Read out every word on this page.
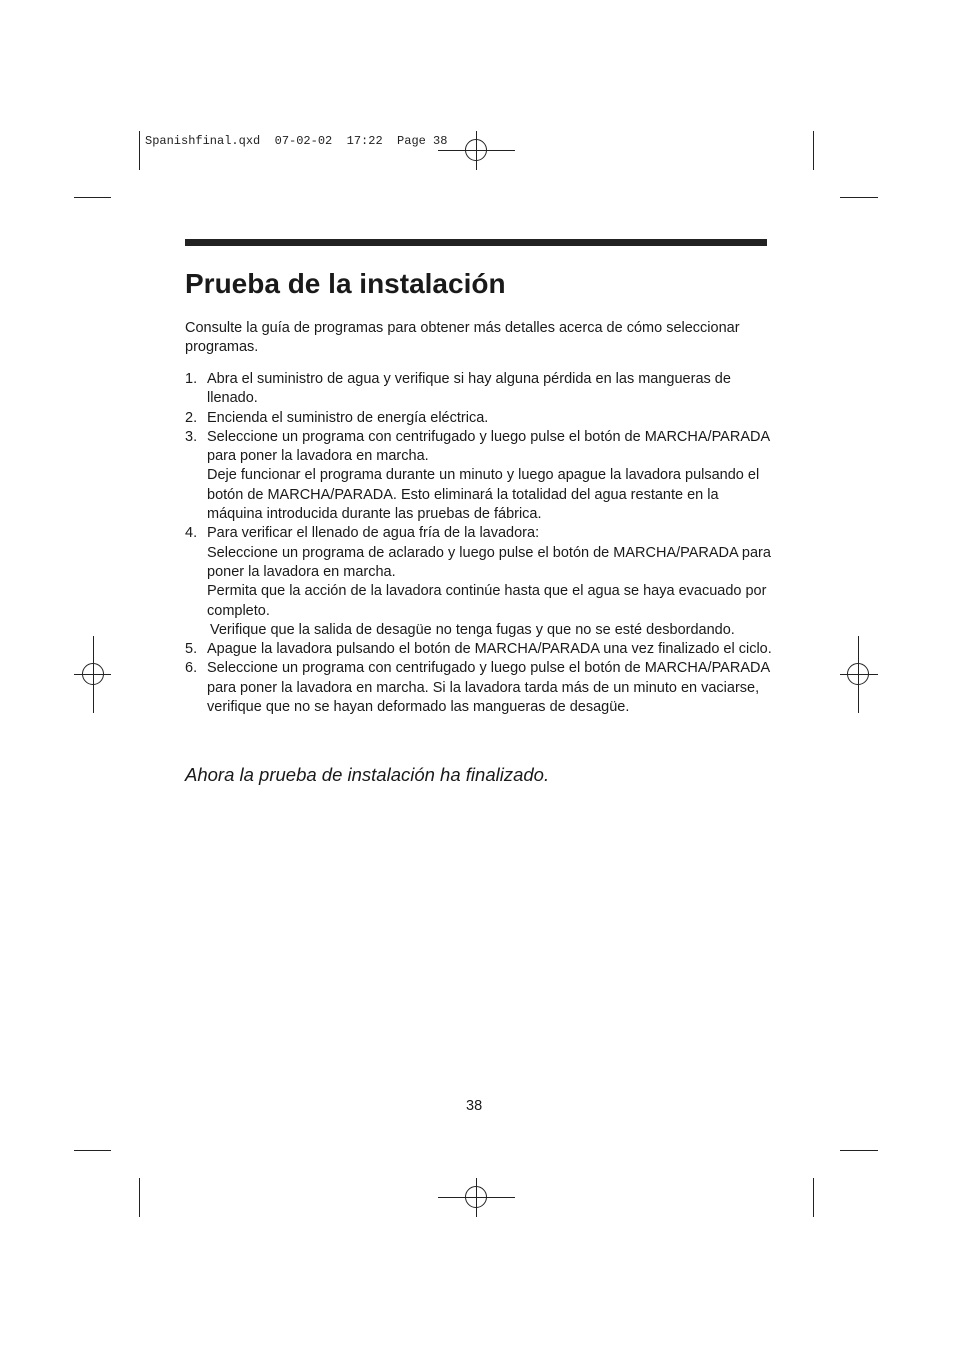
Spanishfinal.qxd  07-02-02  17:22  Page 38
Prueba de la instalación

Consulte la guía de programas para obtener más detalles acerca de cómo seleccionar programas.

1. Abra el suministro de agua y verifique si hay alguna pérdida en las mangueras de llenado.
2. Encienda el suministro de energía eléctrica.
3. Seleccione un programa con centrifugado y luego pulse el botón de MARCHA/PARADA para poner la lavadora en marcha.
Deje funcionar el programa durante un minuto y luego apague la lavadora pulsando el botón de MARCHA/PARADA. Esto eliminará la totalidad del agua restante en la máquina introducida durante las pruebas de fábrica.
4. Para verificar el llenado de agua fría de la lavadora:
Seleccione un programa de aclarado y luego pulse el botón de MARCHA/PARADA para poner la lavadora en marcha.
Permita que la acción de la lavadora continúe hasta que el agua se haya evacuado por completo.
Verifique que la salida de desagüe no tenga fugas y que no se esté desbordando.
5. Apague la lavadora pulsando el botón de MARCHA/PARADA una vez finalizado el ciclo.
6. Seleccione un programa con centrifugado y luego pulse el botón de MARCHA/PARADA para poner la lavadora en marcha. Si la lavadora tarda más de un minuto en vaciarse, verifique que no se hayan deformado las mangueras de desagüe.

Ahora la prueba de instalación ha finalizado.

38
